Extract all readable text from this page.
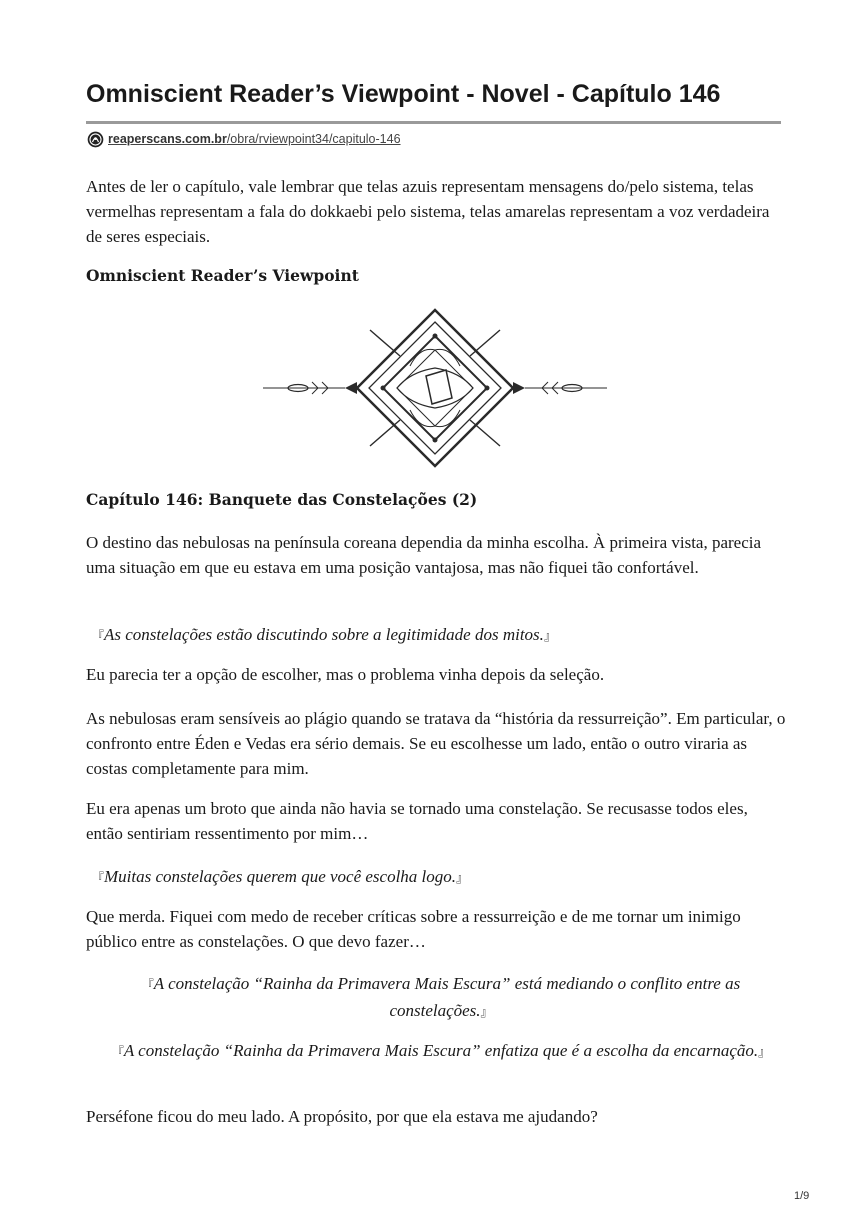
Omniscient Reader’s Viewpoint - Novel - Capítulo 146
reaperscans.com.br/obra/rviewpoint34/capitulo-146

Antes de ler o capítulo, vale lembrar que telas azuis representam mensagens do/pelo sistema, telas vermelhas representam a fala do dokkaebi pelo sistema, telas amarelas representam a voz verdadeira de seres especiais.

Omniscient Reader’s Viewpoint

Capítulo 146: Banquete das Constelações (2)

O destino das nebulosas na península coreana dependia da minha escolha. À primeira vista, parecia uma situação em que eu estava em uma posição vantajosa, mas não fiquei tão confortável.

『As constelações estão discutindo sobre a legitimidade dos mitos.』

Eu parecia ter a opção de escolher, mas o problema vinha depois da seleção.

As nebulosas eram sensíveis ao plágio quando se tratava da “história da ressurreição”. Em particular, o confronto entre Éden e Vedas era sério demais. Se eu escolhesse um lado, então o outro viraria as costas completamente para mim.

Eu era apenas um broto que ainda não havia se tornado uma constelação. Se recusasse todos eles, então sentiriam ressentimento por mim…

『Muitas constelações querem que você escolha logo.』

Que merda. Fiquei com medo de receber críticas sobre a ressurreição e de me tornar um inimigo público entre as constelações. O que devo fazer…

『A constelação “Rainha da Primavera Mais Escura” está mediando o conflito entre as constelações.』

『A constelação “Rainha da Primavera Mais Escura” enfatiza que é a escolha da encarnação.』

Perséfone ficou do meu lado. A propósito, por que ela estava me ajudando?

1/9
